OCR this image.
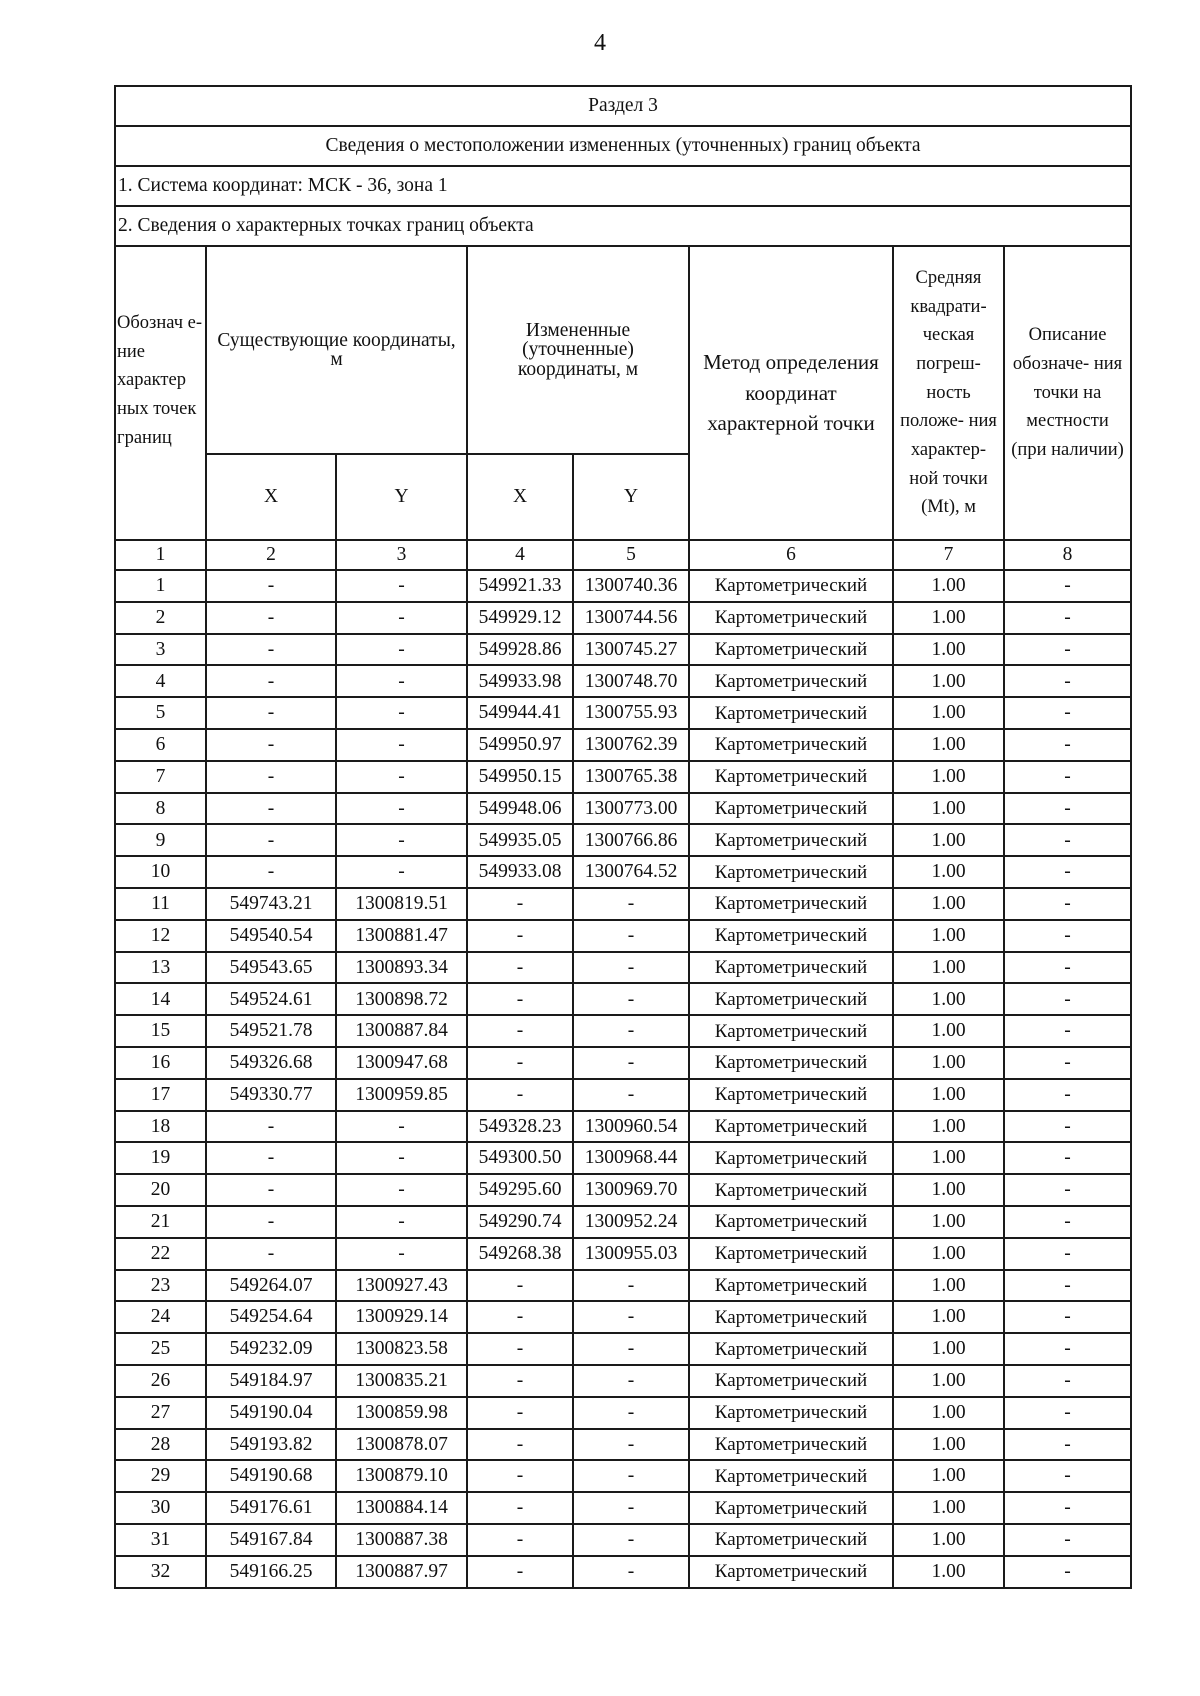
4
Раздел 3							
Сведения о местоположении измененных (уточненных) границ объекта							
1. Система координат: МСК - 36, зона 1							
2. Сведения о характерных точках границ объекта							
Обознач е-ние характер ных точек границ	Существующие координаты, м		Измененные (уточненные) координаты, м		Метод определения координат характерной точки	Средняя квадрати- ческая погреш- ность положе- ния характер- ной точки (Mt), м	Описание обозначе- ния точки на местности (при наличии)
	X	Y	X	Y			
1	2	3	4	5	6	7	8
1	-	-	549921.33	1300740.36	Картометрический	1.00	-
2	-	-	549929.12	1300744.56	Картометрический	1.00	-
3	-	-	549928.86	1300745.27	Картометрический	1.00	-
4	-	-	549933.98	1300748.70	Картометрический	1.00	-
5	-	-	549944.41	1300755.93	Картометрический	1.00	-
6	-	-	549950.97	1300762.39	Картометрический	1.00	-
7	-	-	549950.15	1300765.38	Картометрический	1.00	-
8	-	-	549948.06	1300773.00	Картометрический	1.00	-
9	-	-	549935.05	1300766.86	Картометрический	1.00	-
10	-	-	549933.08	1300764.52	Картометрический	1.00	-
11	549743.21	1300819.51	-	-	Картометрический	1.00	-
12	549540.54	1300881.47	-	-	Картометрический	1.00	-
13	549543.65	1300893.34	-	-	Картометрический	1.00	-
14	549524.61	1300898.72	-	-	Картометрический	1.00	-
15	549521.78	1300887.84	-	-	Картометрический	1.00	-
16	549326.68	1300947.68	-	-	Картометрический	1.00	-
17	549330.77	1300959.85	-	-	Картометрический	1.00	-
18	-	-	549328.23	1300960.54	Картометрический	1.00	-
19	-	-	549300.50	1300968.44	Картометрический	1.00	-
20	-	-	549295.60	1300969.70	Картометрический	1.00	-
21	-	-	549290.74	1300952.24	Картометрический	1.00	-
22	-	-	549268.38	1300955.03	Картометрический	1.00	-
23	549264.07	1300927.43	-	-	Картометрический	1.00	-
24	549254.64	1300929.14	-	-	Картометрический	1.00	-
25	549232.09	1300823.58	-	-	Картометрический	1.00	-
26	549184.97	1300835.21	-	-	Картометрический	1.00	-
27	549190.04	1300859.98	-	-	Картометрический	1.00	-
28	549193.82	1300878.07	-	-	Картометрический	1.00	-
29	549190.68	1300879.10	-	-	Картометрический	1.00	-
30	549176.61	1300884.14	-	-	Картометрический	1.00	-
31	549167.84	1300887.38	-	-	Картометрический	1.00	-
32	549166.25	1300887.97	-	-	Картометрический	1.00	-
